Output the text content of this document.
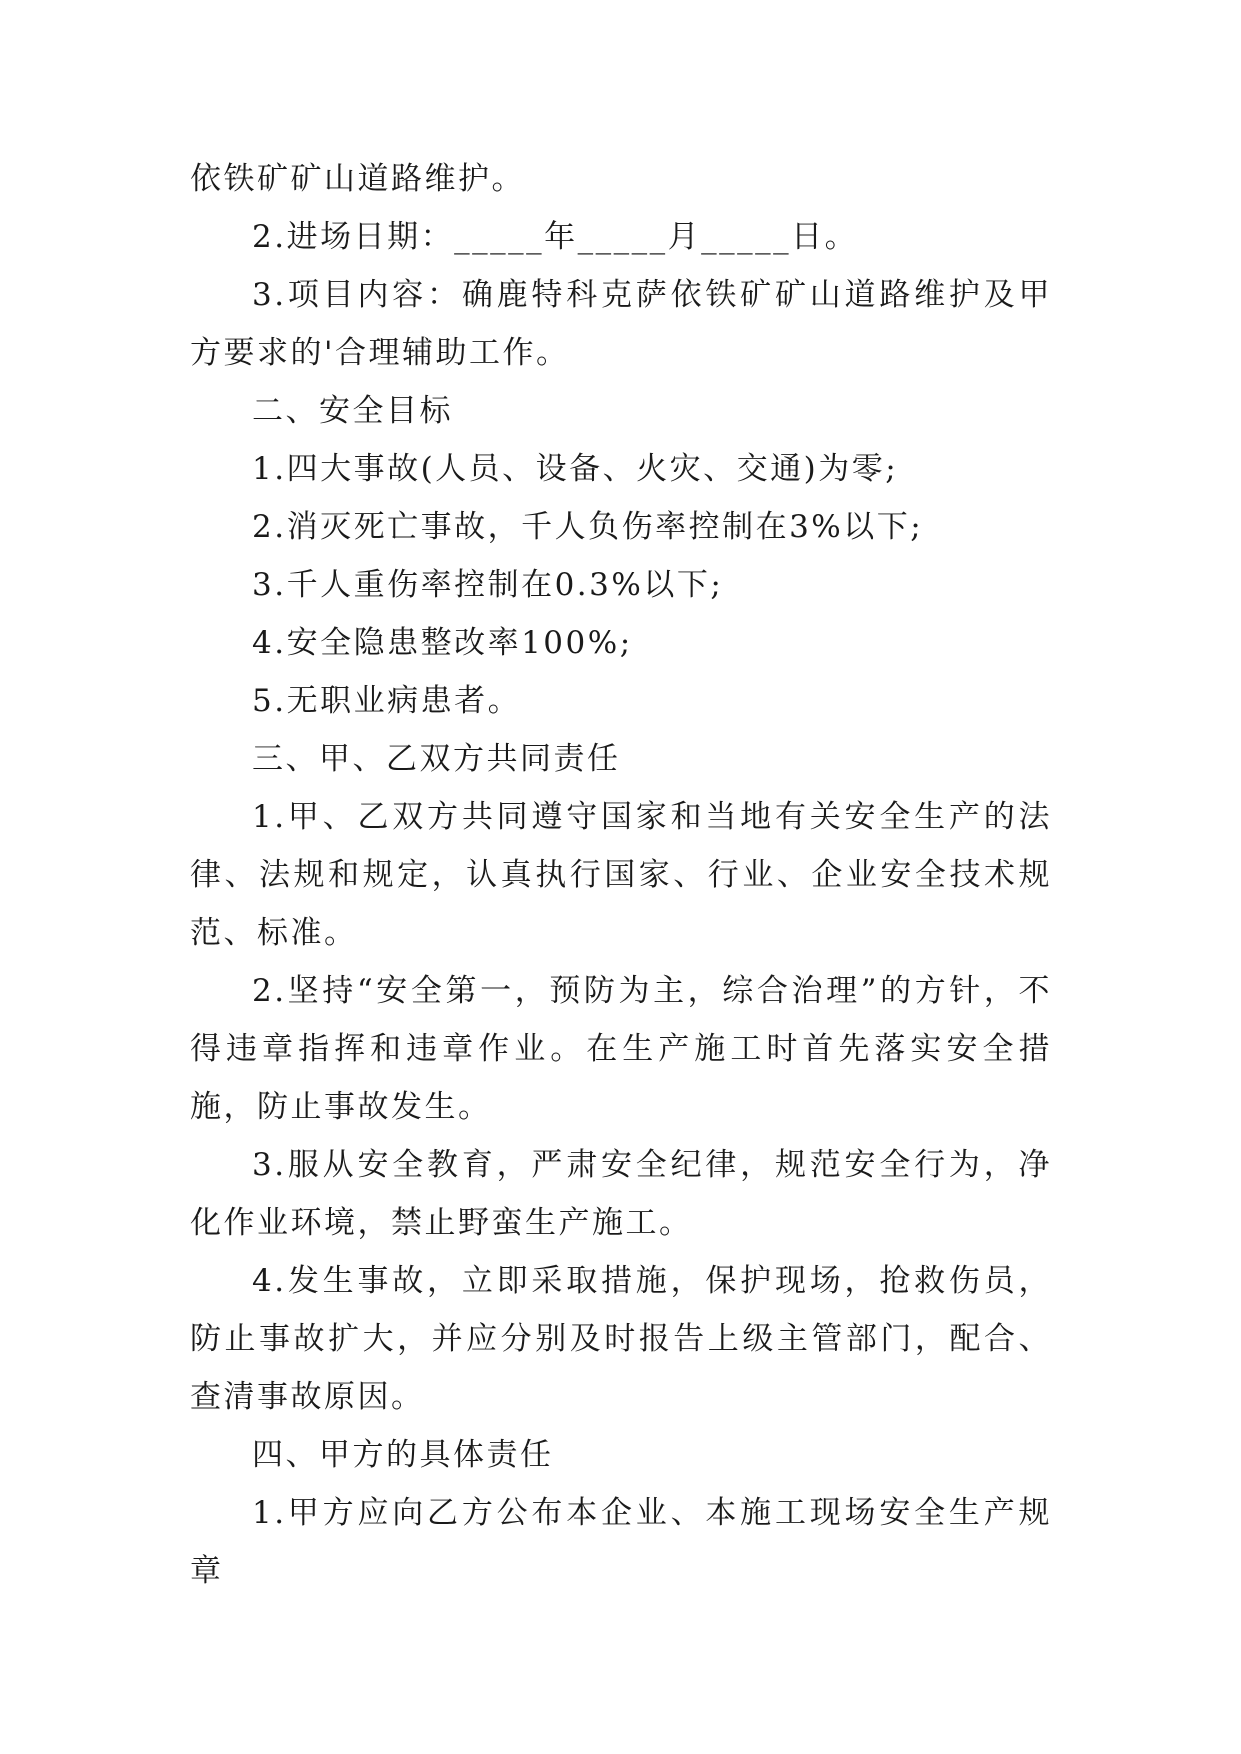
依铁矿矿山道路维护。

2.进场日期：_____年_____月_____日。

3.项目内容：确鹿特科克萨依铁矿矿山道路维护及甲方要求的'合理辅助工作。

二、安全目标

1.四大事故(人员、设备、火灾、交通)为零;

2.消灭死亡事故，千人负伤率控制在3%以下;

3.千人重伤率控制在0.3%以下;

4.安全隐患整改率100%;

5.无职业病患者。

三、甲、乙双方共同责任

1.甲、乙双方共同遵守国家和当地有关安全生产的法律、法规和规定，认真执行国家、行业、企业安全技术规范、标准。

2.坚持“安全第一，预防为主，综合治理”的方针，不得违章指挥和违章作业。在生产施工时首先落实安全措施，防止事故发生。

3.服从安全教育，严肃安全纪律，规范安全行为，净化作业环境，禁止野蛮生产施工。

4.发生事故，立即采取措施，保护现场，抢救伤员，防止事故扩大，并应分别及时报告上级主管部门，配合、查清事故原因。

四、甲方的具体责任

1.甲方应向乙方公布本企业、本施工现场安全生产规章
